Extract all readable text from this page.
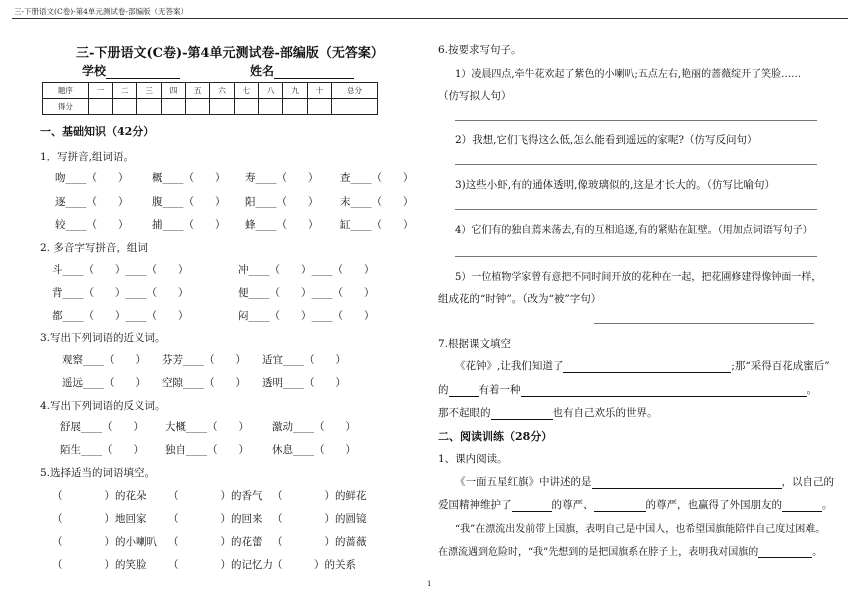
三-下册语文(C卷)-第4单元测试卷-部编版（无答案）
三-下册语文(C卷)-第4单元测试卷-部编版（无答案）
学校	姓名
题序	一	二	三	四	五	六	七	八	九	十	总分
得分											
一、基础知识（42分）
1．写拼音,组词语。
吻____（　　） 概____（　　） 寿____（　　） 查____（　　）
逐____（　　） 腹____（　　） 阳____（　　） 末____（　　）
较____（　　） 捕____（　　） 蜂____（　　） 缸____（　　）
2. 多音字写拼音，组词
斗____（　　）____（　　）	冲____（　　）____（　　）
背____（　　）____（　　）	便____（　　）____（　　）
都____（　　）____（　　）	闷____（　　）____（　　）
3.写出下列词语的近义词。
观察____（　　） 芬芳____（　　） 适宜____（　　）
遥远____（　　） 空隙____（　　） 透明____（　　）
4.写出下列词语的反义词。
舒展____（　　） 大概____（　　） 激动____（　　）
陌生____（　　） 独自____（　　） 休息____（　　）
5.选择适当的词语填空。
（　　　　）的花朵 （　　　　）的香气 （　　　　）的鲜花
（　　　　）地回家 （　　　　）的回来 （　　　　）的圆镜
（　　　　）的小喇叭 （　　　　）的花蕾 （　　　　）的蔷薇
（　　　　）的笑脸 （　　　　）的记忆力 （　　　）的关系
6.按要求写句子。
1）凌晨四点,牵牛花欢起了紫色的小喇叭;五点左右,艳丽的蔷薇绽开了笑脸……
（仿写拟人句）
2）我想,它们飞得这么低,怎么能看到遥远的家呢?（仿写反问句）
3)这些小虾,有的通体透明,像玻璃似的,这是才长大的。（仿写比喻句）
4）它们有的独自蔫来荡去,有的互相追逐,有的紧贴在缸壁。（用加点词语写句子）
5）一位植物学家曾有意把不同时间开放的花种在一起，把花圃修建得像钟面一样，
组成花的“时钟”。（改为“被”字句）
7.根据课文填空
《花钟》,让我们知道了	;那“采得百花成蜜后”
的	有着一种	。
那不起眼的	也有自己欢乐的世界。
二、阅读训练（28分）
1、课内阅读。
《一面五星红旗》中讲述的是	，以自己的
爱国精神维护了	的尊严、	的尊严，也赢得了外国朋友的	。
“我”在漂流出发前带上国旗，表明自己是中国人，也希望国旗能陪伴自己度过困难。
在漂流遇到危险时，“我”先想到的是把国旗系在脖子上，表明我对国旗的	。
1
